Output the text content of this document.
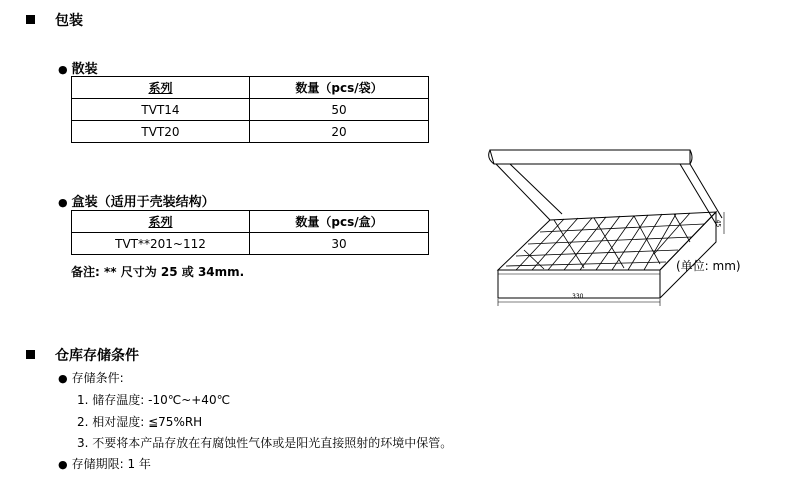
包装
● 散装
系列	数量（pcs/袋）
TVT14	50
TVT20	20
● 盒装（适用于壳装结构）
系列	数量（pcs/盒）
TVT**201~112	30
备注: ** 尺寸为 25 或 34mm.
330
45
(单位: mm)
仓库存储条件
● 存储条件:
1. 储存温度: -10℃~+40℃
2. 相对湿度: ≦75%RH
3. 不要将本产品存放在有腐蚀性气体或是阳光直接照射的环境中保管。
● 存储期限: 1 年
